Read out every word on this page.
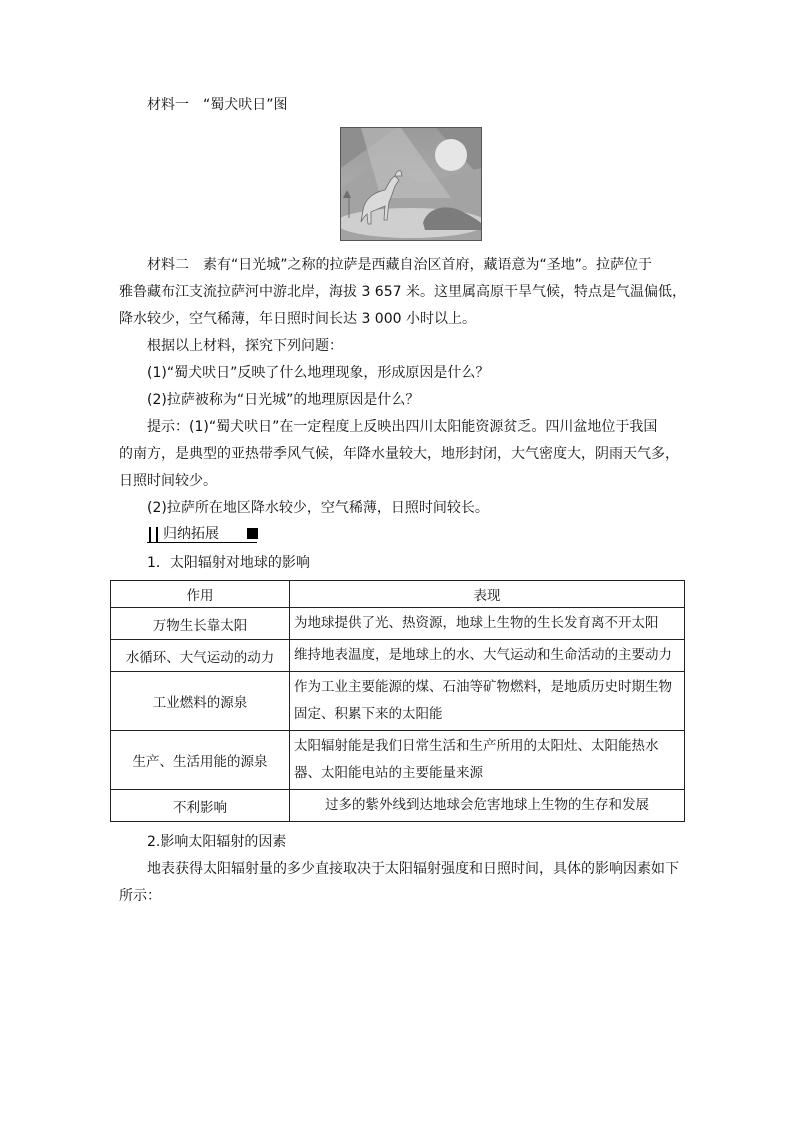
材料一　“蜀犬吠日”图
材料二　素有“日光城”之称的拉萨是西藏自治区首府，藏语意为“圣地”。拉萨位于
雅鲁藏布江支流拉萨河中游北岸，海拔 3 657 米。这里属高原干旱气候，特点是气温偏低，
降水较少，空气稀薄，年日照时间长达 3 000 小时以上。
根据以上材料，探究下列问题：
(1)“蜀犬吠日”反映了什么地理现象，形成原因是什么？
(2)拉萨被称为“日光城”的地理原因是什么？
提示：(1)“蜀犬吠日”在一定程度上反映出四川太阳能资源贫乏。四川盆地位于我国
的南方，是典型的亚热带季风气候，年降水量较大，地形封闭，大气密度大，阴雨天气多，
日照时间较少。
(2)拉萨所在地区降水较少，空气稀薄，日照时间较长。
归纳拓展
1．太阳辐射对地球的影响
作用	表现
万物生长靠太阳	为地球提供了光、热资源，地球上生物的生长发育离不开太阳
水循环、大气运动的动力	维持地表温度，是地球上的水、大气运动和生命活动的主要动力
工业燃料的源泉	作为工业主要能源的煤、石油等矿物燃料，是地质历史时期生物固定、积累下来的太阳能
生产、生活用能的源泉	太阳辐射能是我们日常生活和生产所用的太阳灶、太阳能热水器、太阳能电站的主要能量来源
不利影响	过多的紫外线到达地球会危害地球上生物的生存和发展
2.影响太阳辐射的因素
地表获得太阳辐射量的多少直接取决于太阳辐射强度和日照时间，具体的影响因素如下
所示：
